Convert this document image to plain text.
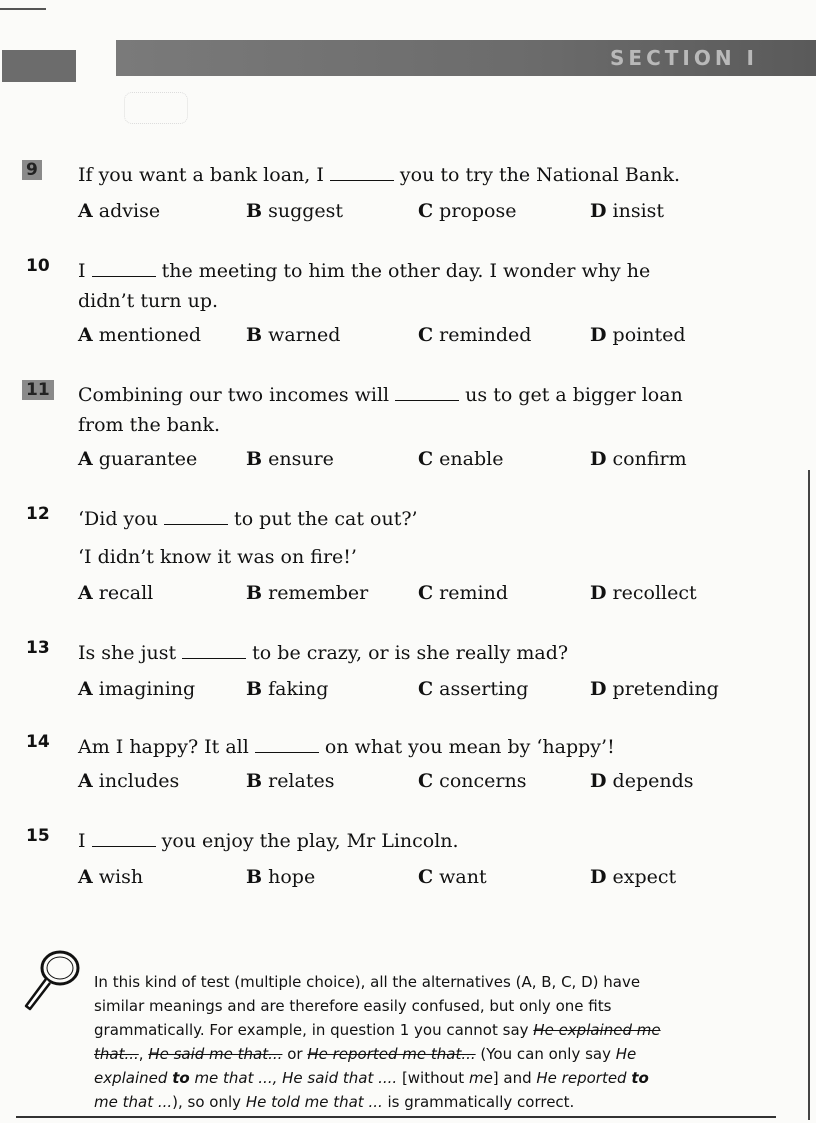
SECTION I
9 If you want a bank loan, I	you to try the National Bank.

A advise	B suggest	C propose	D insist
10 I	the meeting to him the other day. I wonder why he

didn’t turn up.

A mentioned B warned	C reminded	D pointed
11 Combining our two incomes will	us to get a bigger loan

from the bank.

A guarantee	B ensure	C enable	D confirm
12 ‘Did you	to put the cat out?’

‘I didn’t know it was on fire!’

A recall	B remember	C remind	D recollect
13 Is she just	to be crazy, or is she really mad?

A imagining	B faking	C asserting	D pretending
14 Am I happy? It all	on what you mean by ‘happy’!

A includes	B relates	C concerns	D depends
15 I	you enjoy the play, Mr Lincoln.

A wish	B hope	C want	D expect

In this kind of test (multiple choice), all the alternatives (A, B, C, D) have

similar meanings and are therefore easily confused, but only one fits

grammatically. For example, in question 1 you cannot say He explained me

that..., He said me that... or He reported me that... (You can only say He

explained to me that ..., He said that .... [without me] and He reported to

me that ...), so only He told me that ... is grammatically correct.
